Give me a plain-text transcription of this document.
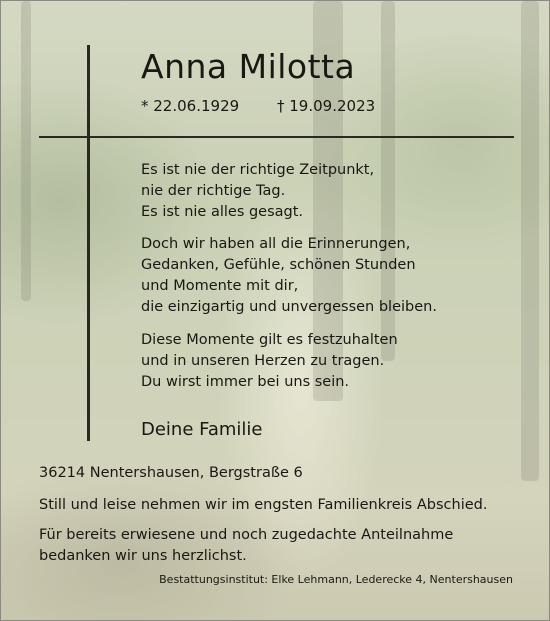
Anna Milotta
* 22.06.1929	† 19.09.2023
Es ist nie der richtige Zeitpunkt,
nie der richtige Tag.
Es ist nie alles gesagt.
Doch wir haben all die Erinnerungen,
Gedanken, Gefühle, schönen Stunden
und Momente mit dir,
die einzigartig und unvergessen bleiben.
Diese Momente gilt es festzuhalten
und in unseren Herzen zu tragen.
Du wirst immer bei uns sein.
Deine Familie
36214 Nentershausen, Bergstraße 6
Still und leise nehmen wir im engsten Familienkreis Abschied.
Für bereits erwiesene und noch zugedachte Anteilnahme
bedanken wir uns herzlichst.
Bestattungsinstitut: Elke Lehmann, Lederecke 4, Nentershausen
